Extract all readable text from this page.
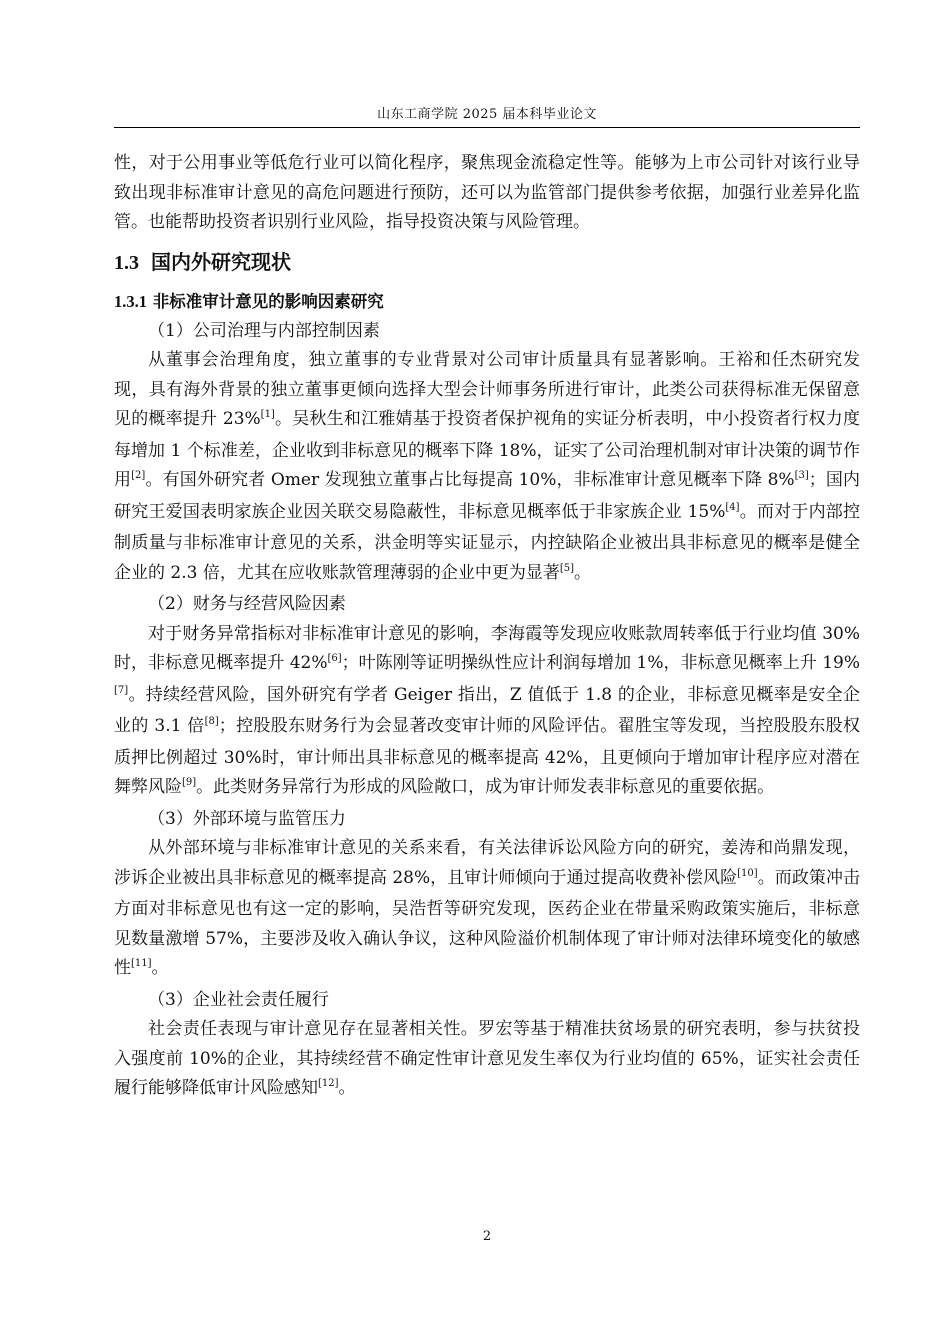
山东工商学院 2025 届本科毕业论文

性，对于公用事业等低危行业可以简化程序，聚焦现金流稳定性等。能够为上市公司针对该行业导致出现非标准审计意见的高危问题进行预防，还可以为监管部门提供参考依据，加强行业差异化监管。也能帮助投资者识别行业风险，指导投资决策与风险管理。

1.3 国内外研究现状
1.3.1 非标准审计意见的影响因素研究

（1）公司治理与内部控制因素

从董事会治理角度，独立董事的专业背景对公司审计质量具有显著影响。王裕和任杰研究发现，具有海外背景的独立董事更倾向选择大型会计师事务所进行审计，此类公司获得标准无保留意见的概率提升 23%[1]。吴秋生和江雅婧基于投资者保护视角的实证分析表明，中小投资者行权力度每增加 1 个标准差，企业收到非标意见的概率下降 18%，证实了公司治理机制对审计决策的调节作用[2]。有国外研究者 Omer 发现独立董事占比每提高 10%，非标准审计意见概率下降 8%[3]；国内研究王爱国表明家族企业因关联交易隐蔽性，非标意见概率低于非家族企业 15%[4]。而对于内部控制质量与非标准审计意见的关系，洪金明等实证显示，内控缺陷企业被出具非标意见的概率是健全企业的 2.3 倍，尤其在应收账款管理薄弱的企业中更为显著[5]。

（2）财务与经营风险因素

对于财务异常指标对非标准审计意见的影响，李海霞等发现应收账款周转率低于行业均值 30%时，非标意见概率提升 42%[6]；叶陈刚等证明操纵性应计利润每增加 1%，非标意见概率上升 19%[7]。持续经营风险，国外研究有学者 Geiger 指出，Z 值低于 1.8 的企业，非标意见概率是安全企业的 3.1 倍[8]；控股股东财务行为会显著改变审计师的风险评估。翟胜宝等发现，当控股股东股权质押比例超过 30%时，审计师出具非标意见的概率提高 42%，且更倾向于增加审计程序应对潜在舞弊风险[9]。此类财务异常行为形成的风险敞口，成为审计师发表非标意见的重要依据。

（3）外部环境与监管压力

从外部环境与非标准审计意见的关系来看，有关法律诉讼风险方向的研究，姜涛和尚鼎发现，涉诉企业被出具非标意见的概率提高 28%，且审计师倾向于通过提高收费补偿风险[10]。而政策冲击方面对非标意见也有这一定的影响，吴浩哲等研究发现，医药企业在带量采购政策实施后，非标意见数量激增 57%，主要涉及收入确认争议，这种风险溢价机制体现了审计师对法律环境变化的敏感性[11]。

（3）企业社会责任履行

社会责任表现与审计意见存在显著相关性。罗宏等基于精准扶贫场景的研究表明，参与扶贫投入强度前 10%的企业，其持续经营不确定性审计意见发生率仅为行业均值的 65%，证实社会责任履行能够降低审计风险感知[12]。

2
